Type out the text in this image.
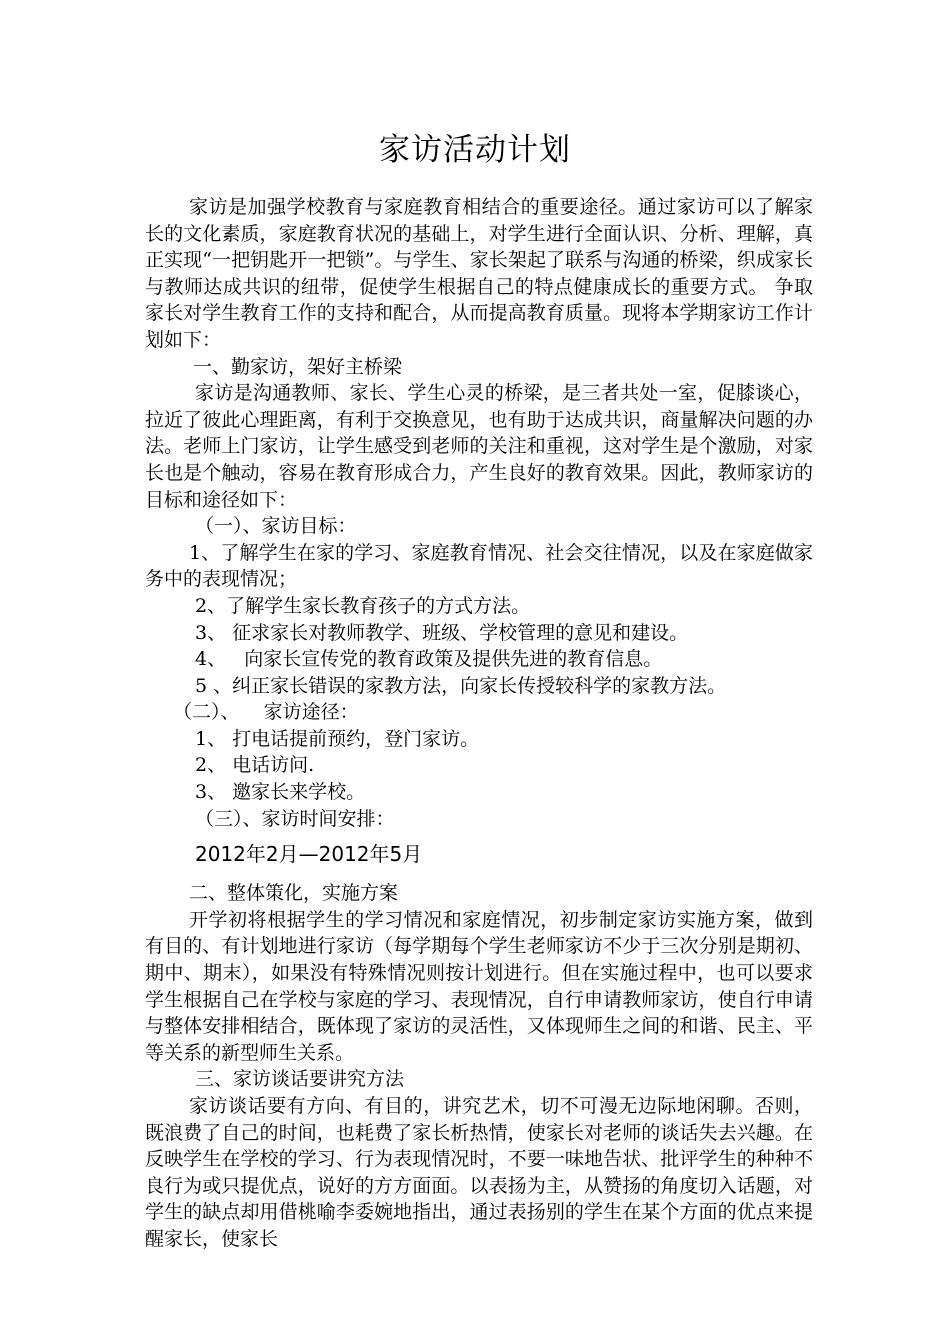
家访活动计划

家访是加强学校教育与家庭教育相结合的重要途径。通过家访可以了解家长的文化素质，家庭教育状况的基础上，对学生进行全面认识、分析、理解，真正实现“一把钥匙开一把锁”。与学生、家长架起了联系与沟通的桥梁，织成家长与教师达成共识的纽带，促使学生根据自己的特点健康成长的重要方式。 争取家长对学生教育工作的支持和配合，从而提高教育质量。现将本学期家访工作计划如下：

一、勤家访，架好主桥梁

家访是沟通教师、家长、学生心灵的桥梁，是三者共处一室，促膝谈心，拉近了彼此心理距离，有利于交换意见，也有助于达成共识，商量解决问题的办法。老师上门家访，让学生感受到老师的关注和重视，这对学生是个激励，对家长也是个触动，容易在教育形成合力，产生良好的教育效果。因此，教师家访的目标和途径如下：

（一）、家访目标：

1、了解学生在家的学习、家庭教育情况、社会交往情况，以及在家庭做家务中的表现情况；

2、了解学生家长教育孩子的方式方法。

3、 征求家长对教师教学、班级、学校管理的意见和建设。

4、   向家长宣传党的教育政策及提供先进的教育信息。

5 、纠正家长错误的家教方法，向家长传授较科学的家教方法。

（二）、    家访途径：

1、 打电话提前预约，登门家访。

2、 电话访问.

3、 邀家长来学校。

（三）、家访时间安排：

2012年2月—2012年5月

二、整体策化，实施方案

开学初将根据学生的学习情况和家庭情况，初步制定家访实施方案，做到有目的、有计划地进行家访（每学期每个学生老师家访不少于三次分别是期初、期中、期末），如果没有特殊情况则按计划进行。但在实施过程中，也可以要求学生根据自己在学校与家庭的学习、表现情况，自行申请教师家访，使自行申请与整体安排相结合，既体现了家访的灵活性，又体现师生之间的和谐、民主、平等关系的新型师生关系。

三、家访谈话要讲究方法

家访谈话要有方向、有目的，讲究艺术，切不可漫无边际地闲聊。否则，既浪费了自己的时间，也耗费了家长析热情，使家长对老师的谈话失去兴趣。在反映学生在学校的学习、行为表现情况时，不要一味地告状、批评学生的种种不良行为或只提优点，说好的方方面面。以表扬为主，从赞扬的角度切入话题，对学生的缺点却用借桃喻李委婉地指出，通过表扬别的学生在某个方面的优点来提醒家长，使家长
